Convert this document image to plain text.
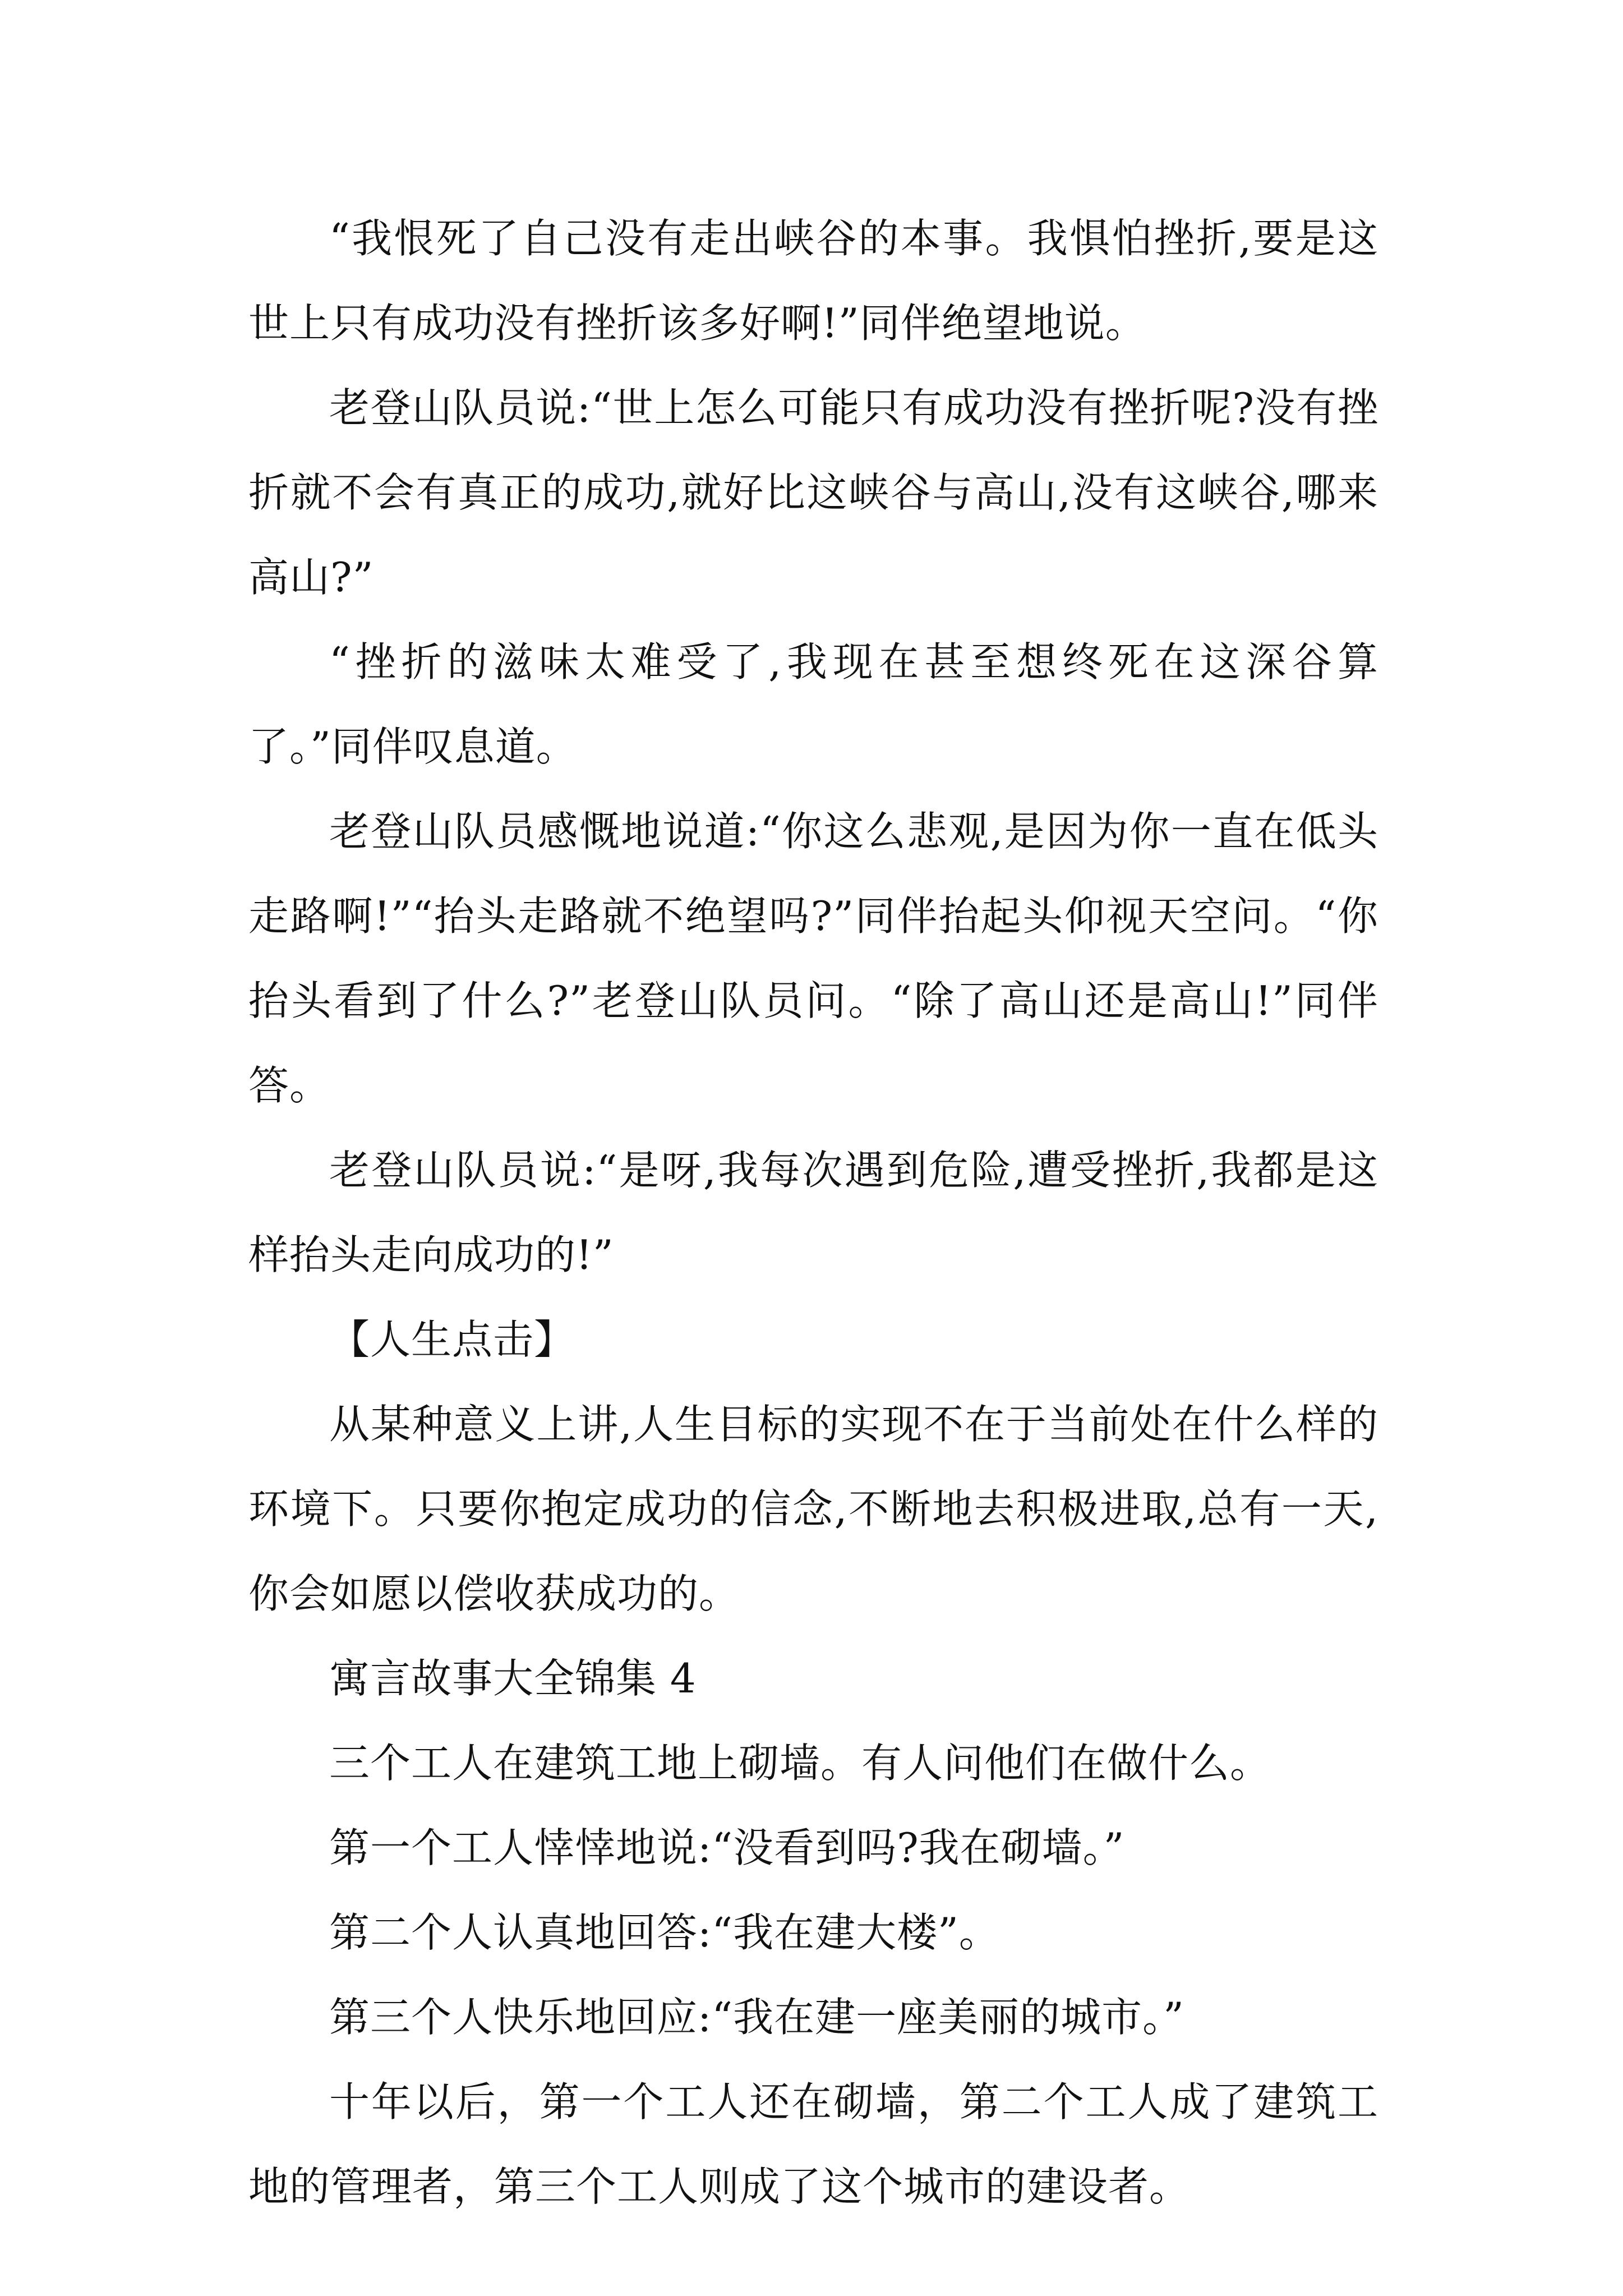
“我恨死了自己没有走出峡谷的本事。我惧怕挫折,要是这世上只有成功没有挫折该多好啊!”同伴绝望地说。

老登山队员说:“世上怎么可能只有成功没有挫折呢?没有挫折就不会有真正的成功,就好比这峡谷与高山,没有这峡谷,哪来高山?”

“挫折的滋味太难受了,我现在甚至想终死在这深谷算了。”同伴叹息道。

老登山队员感慨地说道:“你这么悲观,是因为你一直在低头走路啊!”“抬头走路就不绝望吗?”同伴抬起头仰视天空问。“你抬头看到了什么?”老登山队员问。“除了高山还是高山!”同伴答。

老登山队员说:“是呀,我每次遇到危险,遭受挫折,我都是这样抬头走向成功的!”

【人生点击】

从某种意义上讲,人生目标的实现不在于当前处在什么样的环境下。只要你抱定成功的信念,不断地去积极进取,总有一天,你会如愿以偿收获成功的。

寓言故事大全锦集 4

三个工人在建筑工地上砌墙。有人问他们在做什么。

第一个工人悻悻地说:“没看到吗?我在砌墙。”

第二个人认真地回答:“我在建大楼”。

第三个人快乐地回应:“我在建一座美丽的城市。”

十年以后，第一个工人还在砌墙，第二个工人成了建筑工地的管理者，第三个工人则成了这个城市的建设者。
